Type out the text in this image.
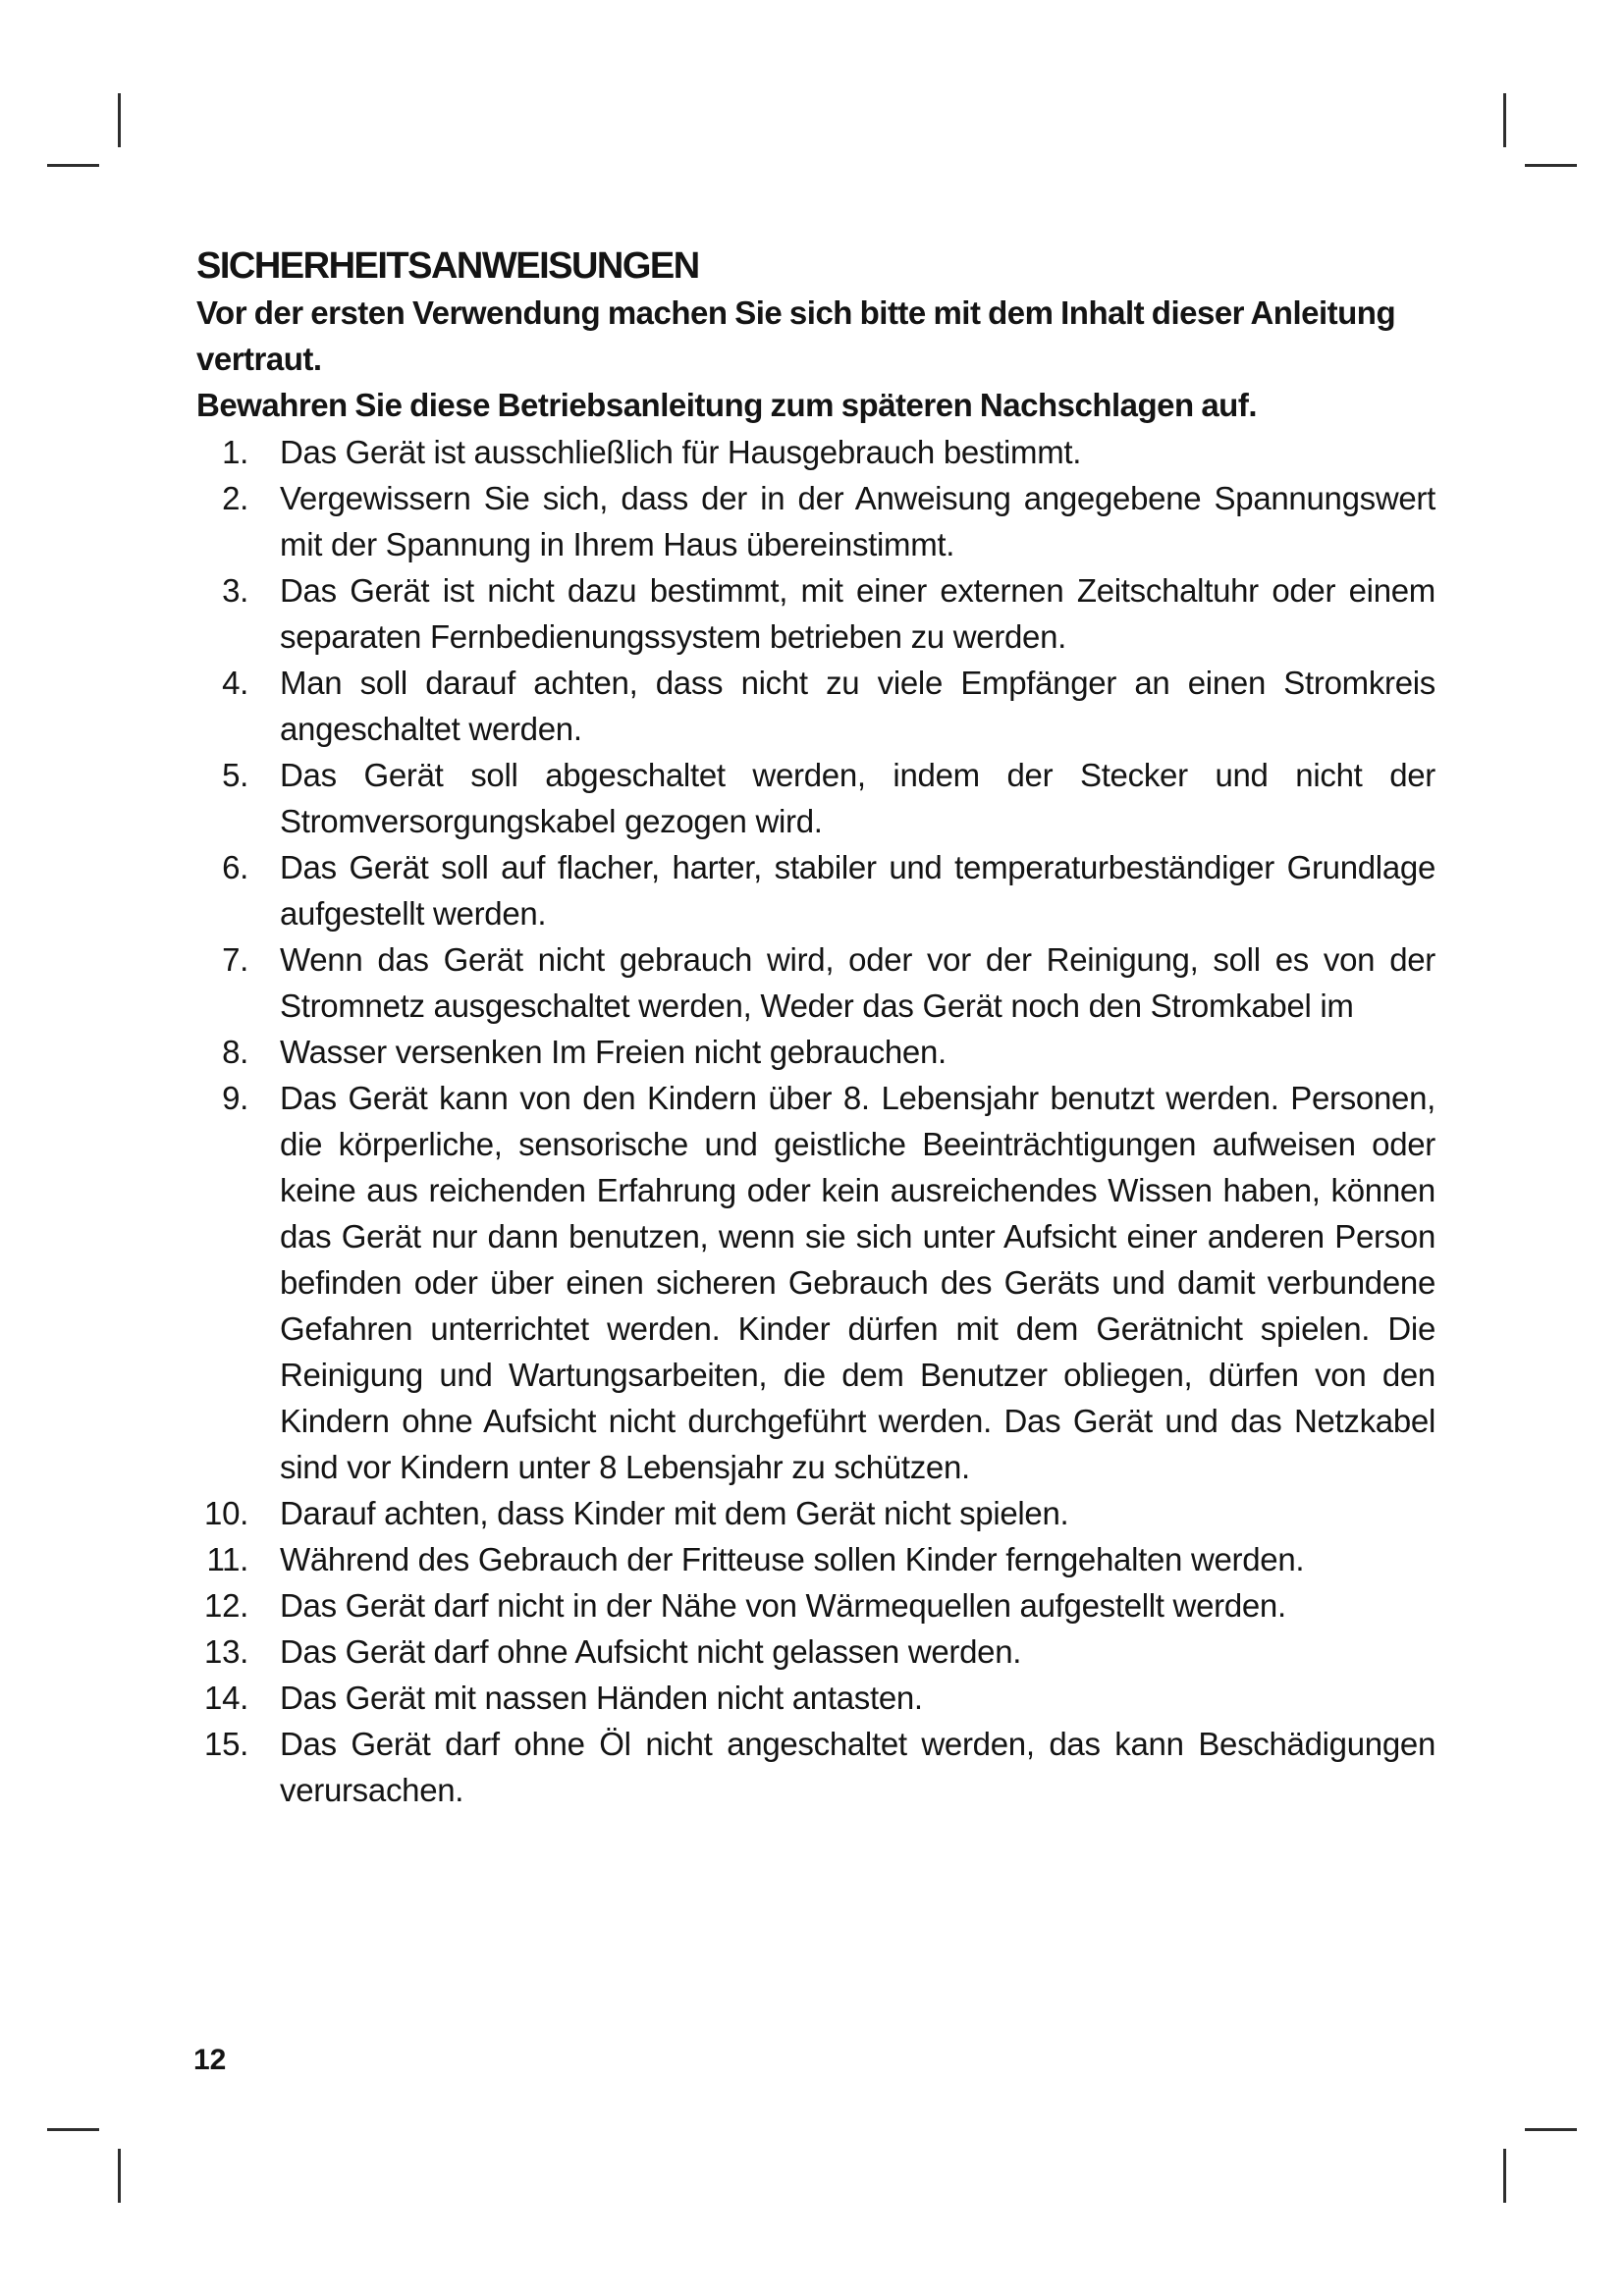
SICHERHEITSANWEISUNGEN

Vor der ersten Verwendung machen Sie sich bitte mit dem Inhalt dieser Anleitung vertraut.

Bewahren Sie diese Betriebsanleitung zum späteren Nachschlagen auf.

1. Das Gerät ist ausschließlich für Hausgebrauch bestimmt.
2. Vergewissern Sie sich, dass der in der Anweisung angegebene Spannungswert mit der Spannung in Ihrem Haus übereinstimmt.
3. Das Gerät ist nicht dazu bestimmt, mit einer externen Zeitschaltuhr oder einem separaten Fernbedienungssystem betrieben zu werden.
4. Man soll darauf achten, dass nicht zu viele Empfänger an einen Stromkreis angeschaltet werden.
5. Das Gerät soll abgeschaltet werden, indem der Stecker und nicht der Stromversorgungskabel gezogen wird.
6. Das Gerät soll auf flacher, harter, stabiler und temperaturbeständiger Grundlage aufgestellt werden.
7. Wenn das Gerät nicht gebrauch wird, oder vor der Reinigung, soll es von der Stromnetz ausgeschaltet werden, Weder das Gerät noch den Stromkabel im
8. Wasser versenken Im Freien nicht gebrauchen.
9. Das Gerät kann von den Kindern über 8. Lebensjahr benutzt werden. Personen, die körperliche, sensorische und geistliche Beeinträchtigungen aufweisen oder keine aus reichenden Erfahrung oder kein ausreichendes Wissen haben, können das Gerät nur dann benutzen, wenn sie sich unter Aufsicht einer anderen Person befinden oder über einen sicheren Gebrauch des Geräts und damit verbundene Gefahren unterrichtet werden. Kinder dürfen mit dem Gerätnicht spielen. Die Reinigung und Wartungsarbeiten, die dem Benutzer obliegen, dürfen von den Kindern ohne Aufsicht nicht durchgeführt werden. Das Gerät und das Netzkabel sind vor Kindern unter 8 Lebensjahr zu schützen.
10. Darauf achten, dass Kinder mit dem Gerät nicht spielen.
11. Während des Gebrauch der Fritteuse sollen Kinder ferngehalten werden.
12. Das Gerät darf nicht in der Nähe von Wärmequellen aufgestellt werden.
13. Das Gerät darf ohne Aufsicht nicht gelassen werden.
14. Das Gerät mit nassen Händen nicht antasten.
15. Das Gerät darf ohne Öl nicht angeschaltet werden, das kann Beschädigungen verursachen.
12
